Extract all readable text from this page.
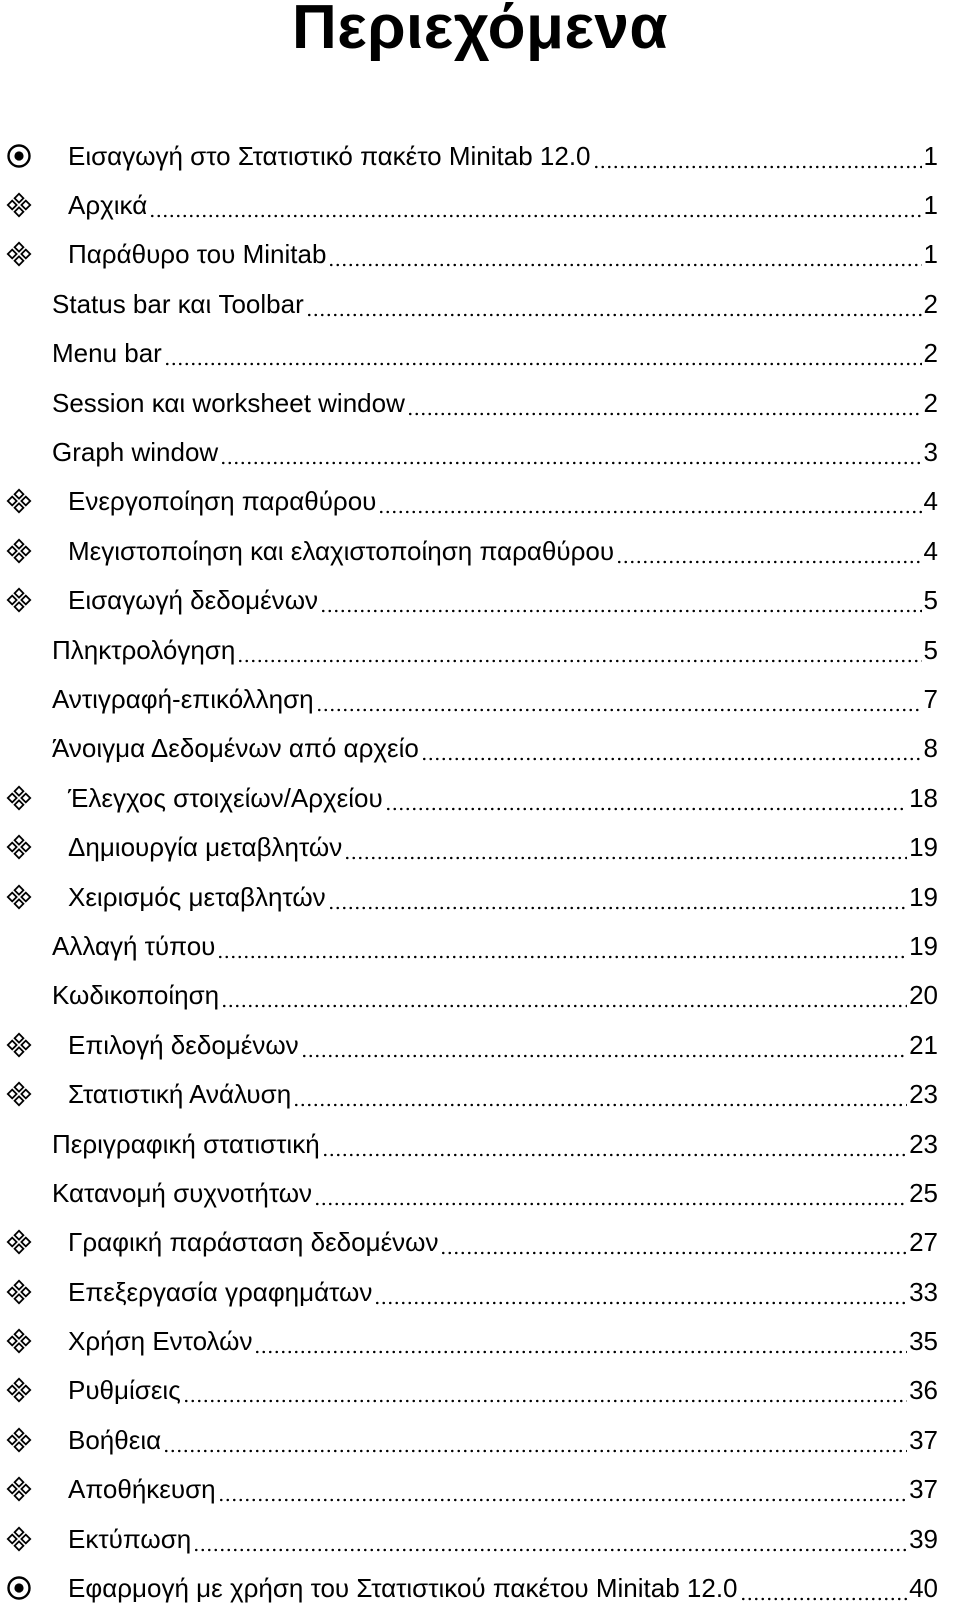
Περιεχόμενα
Εισαγωγή στο Στατιστικό πακέτο Minitab 12.0	1
Αρχικά	1
Παράθυρο του Minitab	1
Status bar και Toolbar	2
Menu bar	2
Session και worksheet window	2
Graph window	3
Ενεργοποίηση παραθύρου	4
Μεγιστοποίηση και ελαχιστοποίηση παραθύρου	4
Εισαγωγή δεδομένων	5
Πληκτρολόγηση	5
Αντιγραφή-επικόλληση	7
Άνοιγμα Δεδομένων από αρχείο	8
Έλεγχος στοιχείων/Αρχείου	18
Δημιουργία μεταβλητών	19
Χειρισμός μεταβλητών	19
Αλλαγή τύπου	19
Κωδικοποίηση	20
Επιλογή δεδομένων	21
Στατιστική Ανάλυση	23
Περιγραφική στατιστική	23
Κατανομή συχνοτήτων	25
Γραφική παράσταση δεδομένων	27
Επεξεργασία γραφημάτων	33
Χρήση Εντολών	35
Ρυθμίσεις	36
Βοήθεια	37
Αποθήκευση	37
Εκτύπωση	39
Εφαρμογή με χρήση του Στατιστικού πακέτου Minitab 12.0	40
